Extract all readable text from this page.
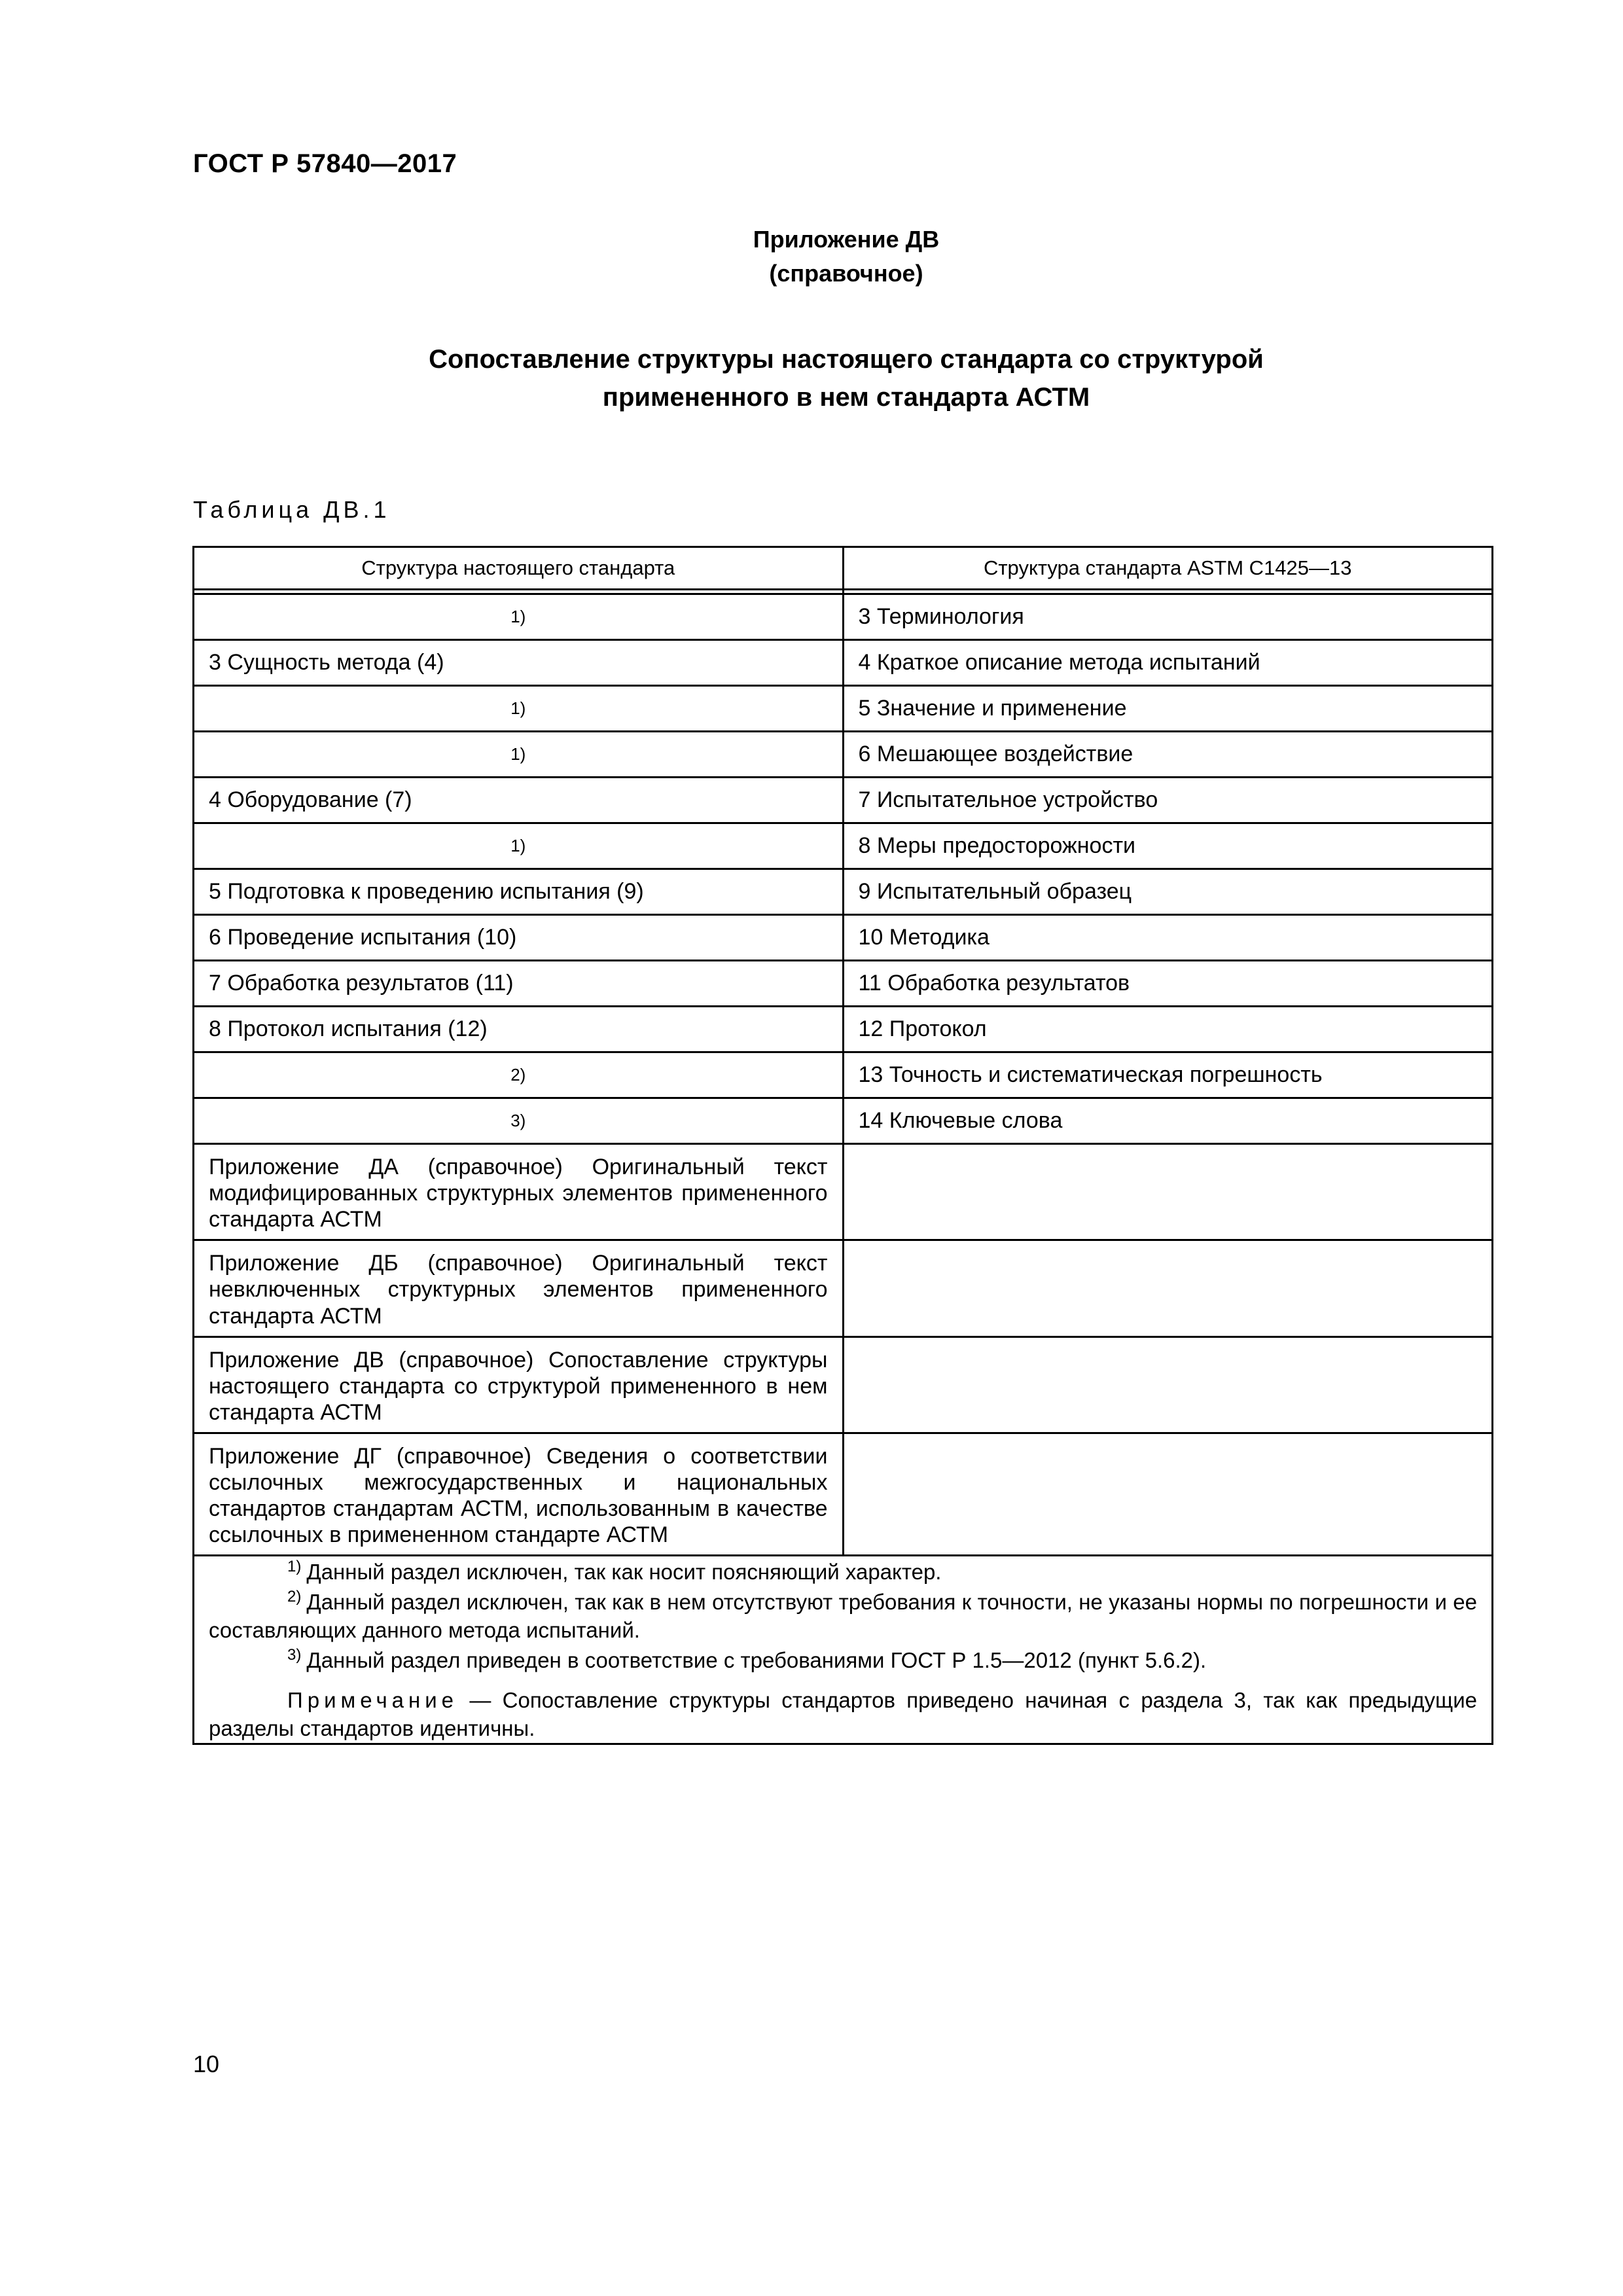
ГОСТ Р 57840—2017
Приложение ДВ
(справочное)
Сопоставление структуры настоящего стандарта со структурой
примененного в нем стандарта АСТМ
Таблица ДВ.1
Структура настоящего стандарта	Структура стандарта ASTM C1425—13

1)	3 Терминология
3 Сущность метода (4)	4 Краткое описание метода испытаний
1)	5 Значение и применение
1)	6 Мешающее воздействие
4 Оборудование (7)	7 Испытательное устройство
1)	8 Меры предосторожности
5 Подготовка к проведению испытания (9)	9 Испытательный образец
6 Проведение испытания (10)	10 Методика
7 Обработка результатов (11)	11 Обработка результатов
8 Протокол испытания (12)	12 Протокол
2)	13 Точность и систематическая погрешность
3)	14 Ключевые слова
Приложение ДА (справочное) Оригинальный текст модифицированных структурных элементов примененного стандарта АСТМ	
Приложение ДБ (справочное) Оригинальный текст невключенных структурных элементов примененного стандарта АСТМ	
Приложение ДВ (справочное) Сопоставление структуры настоящего стандарта со структурой примененного в нем стандарта АСТМ	
Приложение ДГ (справочное) Сведения о соответствии ссылочных межгосударственных и национальных стандартов стандартам АСТМ, использованным в качестве ссылочных в примененном стандарте АСТМ	

$^{1)}$ Данный раздел исключен, так как носит поясняющий характер.

$^{2)}$ Данный раздел исключен, так как в нем отсутствуют требования к точности, не указаны нормы по погрешности и ее составляющих данного метода испытаний.

$^{3)}$ Данный раздел приведен в соответствие с требованиями ГОСТ Р 1.5—2012 (пункт 5.6.2).

Примечание — Сопоставление структуры стандартов приведено начиная с раздела 3, так как предыдущие разделы стандартов идентичны.	

10
